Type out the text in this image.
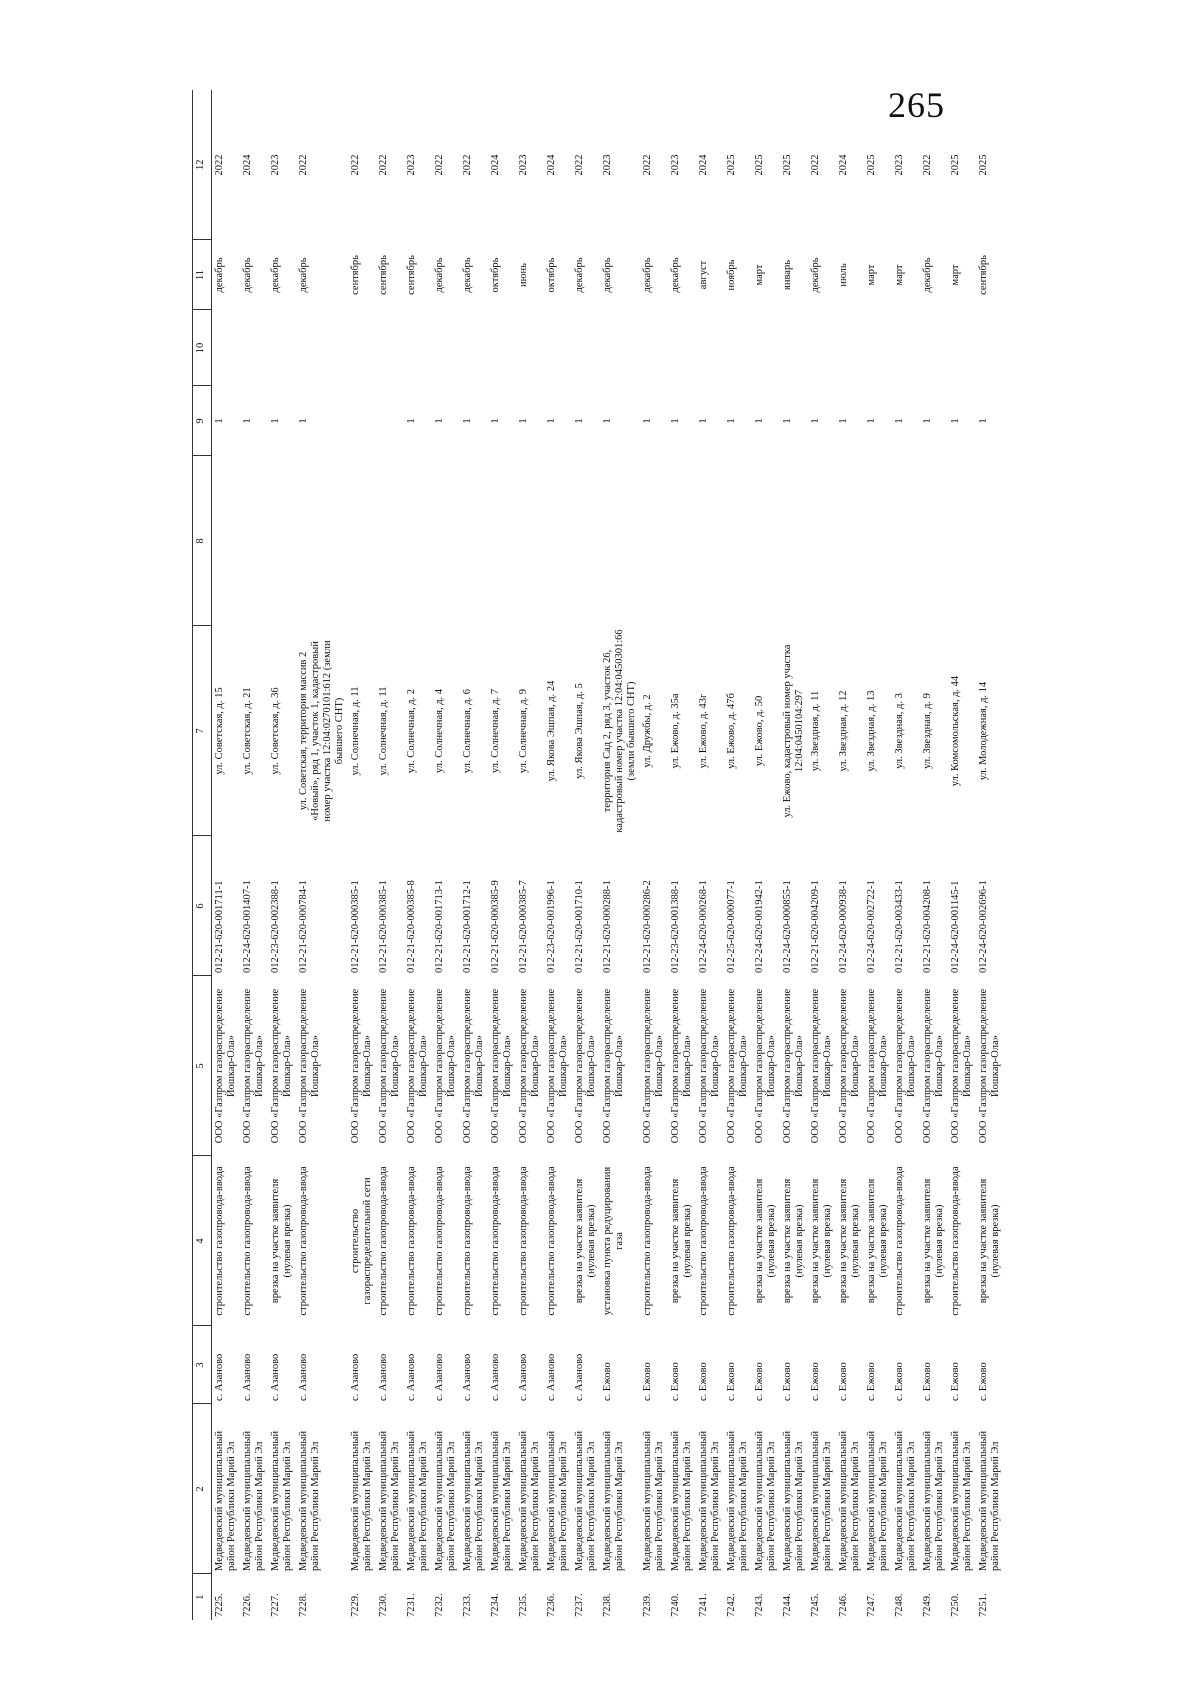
265
1	2	3	4	5	6	7	8	9	10	11	12
7225.	Медведевский муниципальный район Республики Марий Эл	с. Азаново	строительство газопровода-ввода	ООО «Газпром газораспределение Йошкар-Ола»	012-21-620-001711-1	ул. Советская, д. 15		1		декабрь	2022
7226.	Медведевский муниципальный район Республики Марий Эл	с. Азаново	строительство газопровода-ввода	ООО «Газпром газораспределение Йошкар-Ола»	012-24-620-001407-1	ул. Советская, д. 21		1		декабрь	2024
7227.	Медведевский муниципальный район Республики Марий Эл	с. Азаново	врезка на участке заявителя (нулевая врезка)	ООО «Газпром газораспределение Йошкар-Ола»	012-23-620-002388-1	ул. Советская, д. 36		1		декабрь	2023
7228.	Медведевский муниципальный район Республики Марий Эл	с. Азаново	строительство газопровода-ввода	ООО «Газпром газораспределение Йошкар-Ола»	012-21-620-000784-1	ул. Советская, территория массив 2 «Новый», ряд 1, участок 1, кадастровый номер участка 12:04:0270101:612 (земли бывшего СНТ)		1		декабрь	2022
7229.	Медведевский муниципальный район Республики Марий Эл	с. Азаново	строительство газораспределительной сети	ООО «Газпром газораспределение Йошкар-Ола»	012-21-620-000385-1	ул. Солнечная, д. 11				сентябрь	2022
7230.	Медведевский муниципальный район Республики Марий Эл	с. Азаново	строительство газопровода-ввода	ООО «Газпром газораспределение Йошкар-Ола»	012-21-620-000385-1	ул. Солнечная, д. 11				сентябрь	2022
7231.	Медведевский муниципальный район Республики Марий Эл	с. Азаново	строительство газопровода-ввода	ООО «Газпром газораспределение Йошкар-Ола»	012-21-620-000385-8	ул. Солнечная, д. 2		1		сентябрь	2023
7232.	Медведевский муниципальный район Республики Марий Эл	с. Азаново	строительство газопровода-ввода	ООО «Газпром газораспределение Йошкар-Ола»	012-21-620-001713-1	ул. Солнечная, д. 4		1		декабрь	2022
7233.	Медведевский муниципальный район Республики Марий Эл	с. Азаново	строительство газопровода-ввода	ООО «Газпром газораспределение Йошкар-Ола»	012-21-620-001712-1	ул. Солнечная, д. 6		1		декабрь	2022
7234.	Медведевский муниципальный район Республики Марий Эл	с. Азаново	строительство газопровода-ввода	ООО «Газпром газораспределение Йошкар-Ола»	012-21-620-000385-9	ул. Солнечная, д. 7		1		октябрь	2024
7235.	Медведевский муниципальный район Республики Марий Эл	с. Азаново	строительство газопровода-ввода	ООО «Газпром газораспределение Йошкар-Ола»	012-21-620-000385-7	ул. Солнечная, д. 9		1		июнь	2023
7236.	Медведевский муниципальный район Республики Марий Эл	с. Азаново	строительство газопровода-ввода	ООО «Газпром газораспределение Йошкар-Ола»	012-23-620-001996-1	ул. Якова Эшпая, д. 24		1		октябрь	2024
7237.	Медведевский муниципальный район Республики Марий Эл	с. Азаново	врезка на участке заявителя (нулевая врезка)	ООО «Газпром газораспределение Йошкар-Ола»	012-21-620-001710-1	ул. Якова Эшпая, д. 5		1		декабрь	2022
7238.	Медведевский муниципальный район Республики Марий Эл	с. Ежово	установка пункта редуцирования газа	ООО «Газпром газораспределение Йошкар-Ола»	012-21-620-000288-1	территория Сад 2, ряд 3, участок 26, кадастровый номер участка 12:04:0450301:66 (земли бывшего СНТ)		1		декабрь	2023
7239.	Медведевский муниципальный район Республики Марий Эл	с. Ежово	строительство газопровода-ввода	ООО «Газпром газораспределение Йошкар-Ола»	012-21-620-000286-2	ул. Дружбы, д. 2		1		декабрь	2022
7240.	Медведевский муниципальный район Республики Марий Эл	с. Ежово	врезка на участке заявителя (нулевая врезка)	ООО «Газпром газораспределение Йошкар-Ола»	012-23-620-001388-1	ул. Ежово, д. 35а		1		декабрь	2023
7241.	Медведевский муниципальный район Республики Марий Эл	с. Ежово	строительство газопровода-ввода	ООО «Газпром газораспределение Йошкар-Ола»	012-24-620-000268-1	ул. Ежово, д. 43г		1		август	2024
7242.	Медведевский муниципальный район Республики Марий Эл	с. Ежово	строительство газопровода-ввода	ООО «Газпром газораспределение Йошкар-Ола»	012-25-620-000077-1	ул. Ежово, д. 47б		1		ноябрь	2025
7243.	Медведевский муниципальный район Республики Марий Эл	с. Ежово	врезка на участке заявителя (нулевая врезка)	ООО «Газпром газораспределение Йошкар-Ола»	012-24-620-001942-1	ул. Ежово, д. 50		1		март	2025
7244.	Медведевский муниципальный район Республики Марий Эл	с. Ежово	врезка на участке заявителя (нулевая врезка)	ООО «Газпром газораспределение Йошкар-Ола»	012-24-620-000855-1	ул. Ежово, кадастровый номер участка 12:04:0450104:297		1		январь	2025
7245.	Медведевский муниципальный район Республики Марий Эл	с. Ежово	врезка на участке заявителя (нулевая врезка)	ООО «Газпром газораспределение Йошкар-Ола»	012-21-620-004209-1	ул. Звездная, д. 11		1		декабрь	2022
7246.	Медведевский муниципальный район Республики Марий Эл	с. Ежово	врезка на участке заявителя (нулевая врезка)	ООО «Газпром газораспределение Йошкар-Ола»	012-24-620-000938-1	ул. Звездная, д. 12		1		июль	2024
7247.	Медведевский муниципальный район Республики Марий Эл	с. Ежово	врезка на участке заявителя (нулевая врезка)	ООО «Газпром газораспределение Йошкар-Ола»	012-24-620-002722-1	ул. Звездная, д. 13		1		март	2025
7248.	Медведевский муниципальный район Республики Марий Эл	с. Ежово	строительство газопровода-ввода	ООО «Газпром газораспределение Йошкар-Ола»	012-21-620-003433-1	ул. Звездная, д. 3		1		март	2023
7249.	Медведевский муниципальный район Республики Марий Эл	с. Ежово	врезка на участке заявителя (нулевая врезка)	ООО «Газпром газораспределение Йошкар-Ола»	012-21-620-004208-1	ул. Звездная, д. 9		1		декабрь	2022
7250.	Медведевский муниципальный район Республики Марий Эл	с. Ежово	строительство газопровода-ввода	ООО «Газпром газораспределение Йошкар-Ола»	012-24-620-001145-1	ул. Комсомольская, д. 44		1		март	2025
7251.	Медведевский муниципальный район Республики Марий Эл	с. Ежово	врезка на участке заявителя (нулевая врезка)	ООО «Газпром газораспределение Йошкар-Ола»	012-24-620-002696-1	ул. Молодежная, д. 14		1		сентябрь	2025
